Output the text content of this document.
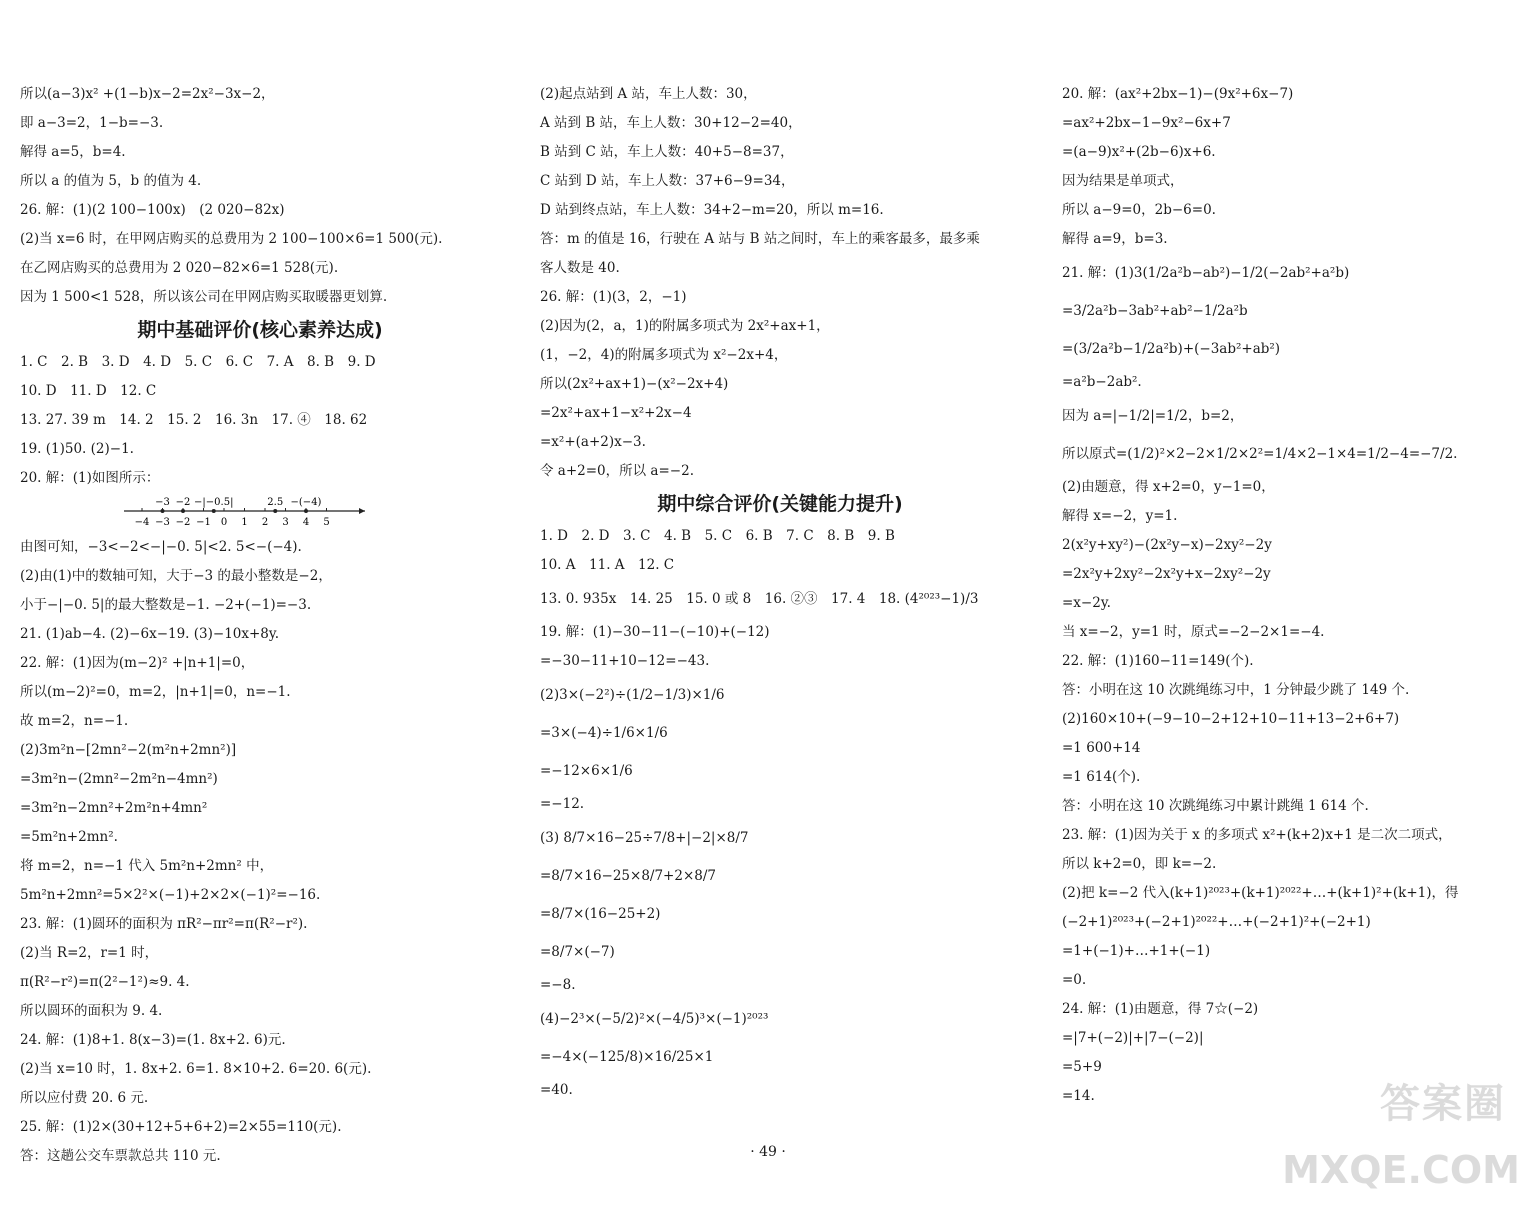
所以(a−3)x² +(1−b)x−2=2x²−3x−2，
即 a−3=2，1−b=−3.
解得 a=5，b=4.
所以 a 的值为 5，b 的值为 4.
26. 解：(1)(2 100−100x)　(2 020−82x)
(2)当 x=6 时，在甲网店购买的总费用为 2 100−100×6=1 500(元).
在乙网店购买的总费用为 2 020−82×6=1 528(元).
因为 1 500<1 528，所以该公司在甲网店购买取暖器更划算.
期中基础评价(核心素养达成)
1. C　2. B　3. D　4. D　5. C　6. C　7. A　8. B　9. D
10. D　11. D　12. C
13. 27. 39 m　14. 2　15. 2　16. 3n　17. ④　18. 62
19. (1)50. (2)−1.
20. 解：(1)如图所示：
−4 −3 −2 −1 0 1 2 3 4 5
−3 −2 −|−0.5|	2.5 −(−4)
由图可知，−3<−2<−|−0. 5|<2. 5<−(−4).
(2)由(1)中的数轴可知，大于−3 的最小整数是−2，
小于−|−0. 5|的最大整数是−1. −2+(−1)=−3.
21. (1)ab−4. (2)−6x−19. (3)−10x+8y.
22. 解：(1)因为(m−2)² +|n+1|=0，
所以(m−2)²=0，m=2，|n+1|=0，n=−1.
故 m=2，n=−1.
(2)3m²n−[2mn²−2(m²n+2mn²)]
=3m²n−(2mn²−2m²n−4mn²)
=3m²n−2mn²+2m²n+4mn²
=5m²n+2mn².
将 m=2，n=−1 代入 5m²n+2mn² 中，
5m²n+2mn²=5×2²×(−1)+2×2×(−1)²=−16.
23. 解：(1)圆环的面积为 πR²−πr²=π(R²−r²).
(2)当 R=2，r=1 时，
π(R²−r²)=π(2²−1²)≈9. 4.
所以圆环的面积为 9. 4.
24. 解：(1)8+1. 8(x−3)=(1. 8x+2. 6)元.
(2)当 x=10 时，1. 8x+2. 6=1. 8×10+2. 6=20. 6(元).
所以应付费 20. 6 元.
25. 解：(1)2×(30+12+5+6+2)=2×55=110(元).
答：这趟公交车票款总共 110 元.
(2)起点站到 A 站，车上人数：30，
A 站到 B 站，车上人数：30+12−2=40，
B 站到 C 站，车上人数：40+5−8=37，
C 站到 D 站，车上人数：37+6−9=34，
D 站到终点站，车上人数：34+2−m=20，所以 m=16.
答：m 的值是 16，行驶在 A 站与 B 站之间时，车上的乘客最多，最多乘
客人数是 40.
26. 解：(1)(3，2，−1)
(2)因为(2，a，1)的附属多项式为 2x²+ax+1，
(1，−2，4)的附属多项式为 x²−2x+4，
所以(2x²+ax+1)−(x²−2x+4)
=2x²+ax+1−x²+2x−4
=x²+(a+2)x−3.
令 a+2=0，所以 a=−2.
期中综合评价(关键能力提升)
1. D　2. D　3. C　4. B　5. C　6. B　7. C　8. B　9. B
10. A　11. A　12. C
13. 0. 935x　14. 25　15. 0 或 8　16. ②③　17. 4　18. (4²⁰²³−1)/3
19. 解：(1)−30−11−(−10)+(−12)
=−30−11+10−12=−43.
(2)3×(−2²)÷(1/2−1/3)×1/6
=3×(−4)÷1/6×1/6
=−12×6×1/6
=−12.
(3) 8/7×16−25÷7/8+|−2|×8/7
=8/7×16−25×8/7+2×8/7
=8/7×(16−25+2)
=8/7×(−7)
=−8.
(4)−2³×(−5/2)²×(−4/5)³×(−1)²⁰²³
=−4×(−125/8)×16/25×1
=40.
20. 解：(ax²+2bx−1)−(9x²+6x−7)
=ax²+2bx−1−9x²−6x+7
=(a−9)x²+(2b−6)x+6.
因为结果是单项式，
所以 a−9=0，2b−6=0.
解得 a=9，b=3.
21. 解：(1)3(1/2a²b−ab²)−1/2(−2ab²+a²b)
=3/2a²b−3ab²+ab²−1/2a²b
=(3/2a²b−1/2a²b)+(−3ab²+ab²)
=a²b−2ab².
因为 a=|−1/2|=1/2，b=2，
所以原式=(1/2)²×2−2×1/2×2²=1/4×2−1×4=1/2−4=−7/2.
(2)由题意，得 x+2=0，y−1=0，
解得 x=−2，y=1.
2(x²y+xy²)−(2x²y−x)−2xy²−2y
=2x²y+2xy²−2x²y+x−2xy²−2y
=x−2y.
当 x=−2，y=1 时，原式=−2−2×1=−4.
22. 解：(1)160−11=149(个).
答：小明在这 10 次跳绳练习中，1 分钟最少跳了 149 个.
(2)160×10+(−9−10−2+12+10−11+13−2+6+7)
=1 600+14
=1 614(个).
答：小明在这 10 次跳绳练习中累计跳绳 1 614 个.
23. 解：(1)因为关于 x 的多项式 x²+(k+2)x+1 是二次二项式，
所以 k+2=0，即 k=−2.
(2)把 k=−2 代入(k+1)²⁰²³+(k+1)²⁰²²+…+(k+1)²+(k+1)，得
(−2+1)²⁰²³+(−2+1)²⁰²²+…+(−2+1)²+(−2+1)
=1+(−1)+…+1+(−1)
=0.
24. 解：(1)由题意，得 7☆(−2)
=|7+(−2)|+|7−(−2)|
=5+9
=14.
· 49 ·
答案圈
MXQE.COM
